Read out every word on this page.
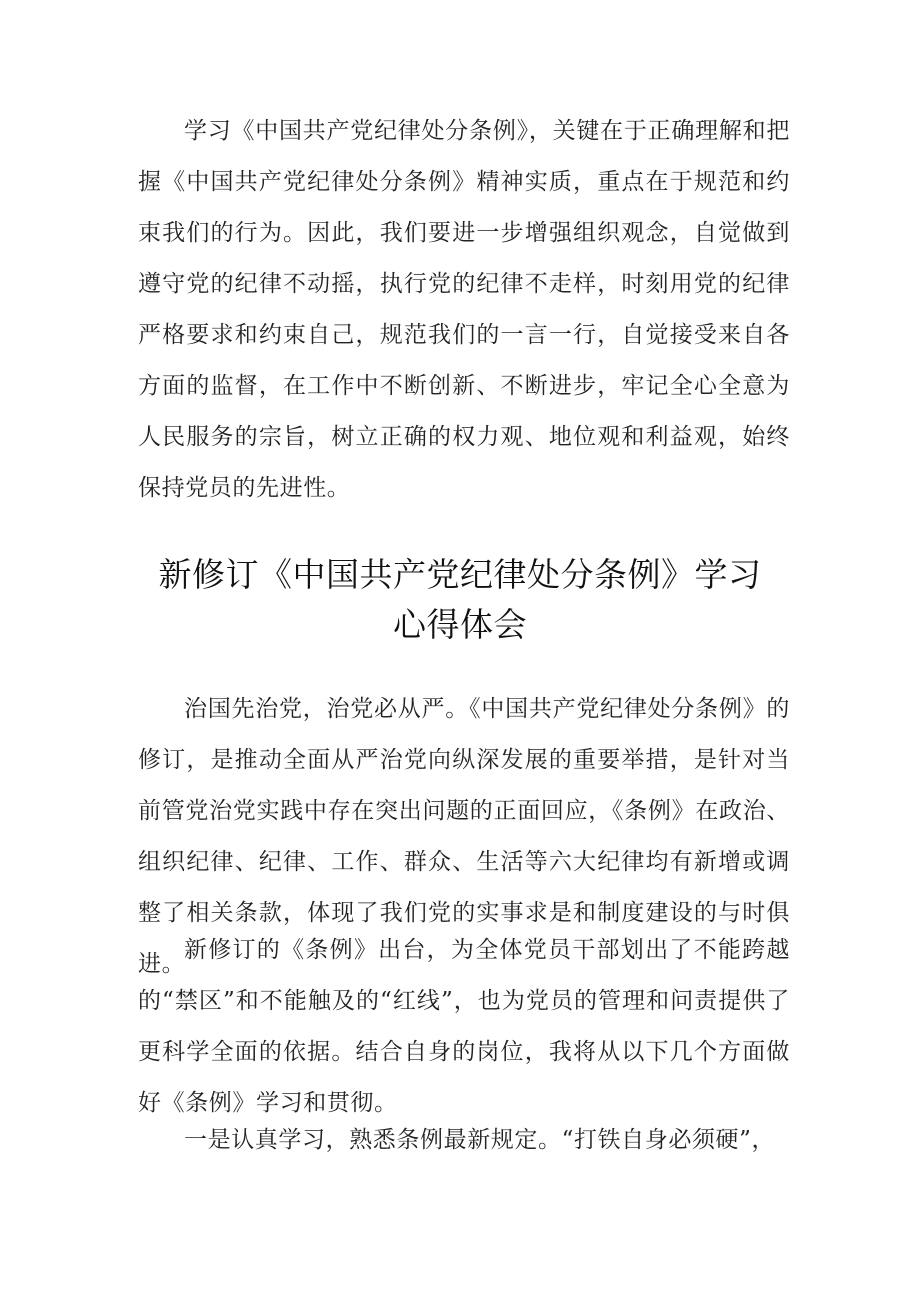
学习《中国共产党纪律处分条例》，关键在于正确理解和把握《中国共产党纪律处分条例》精神实质，重点在于规范和约束我们的行为。因此，我们要进一步增强组织观念，自觉做到遵守党的纪律不动摇，执行党的纪律不走样，时刻用党的纪律严格要求和约束自己，规范我们的一言一行，自觉接受来自各方面的监督，在工作中不断创新、不断进步，牢记全心全意为人民服务的宗旨，树立正确的权力观、地位观和利益观，始终保持党员的先进性。

新修订《中国共产党纪律处分条例》学习
心得体会

治国先治党，治党必从严。《中国共产党纪律处分条例》的修订，是推动全面从严治党向纵深发展的重要举措，是针对当前管党治党实践中存在突出问题的正面回应，《条例》在政治、组织纪律、纪律、工作、群众、生活等六大纪律均有新增或调整了相关条款，体现了我们党的实事求是和制度建设的与时俱进。

新修订的《条例》出台，为全体党员干部划出了不能跨越的“禁区”和不能触及的“红线”，也为党员的管理和问责提供了更科学全面的依据。结合自身的岗位，我将从以下几个方面做好《条例》学习和贯彻。

一是认真学习，熟悉条例最新规定。“打铁自身必须硬”，
